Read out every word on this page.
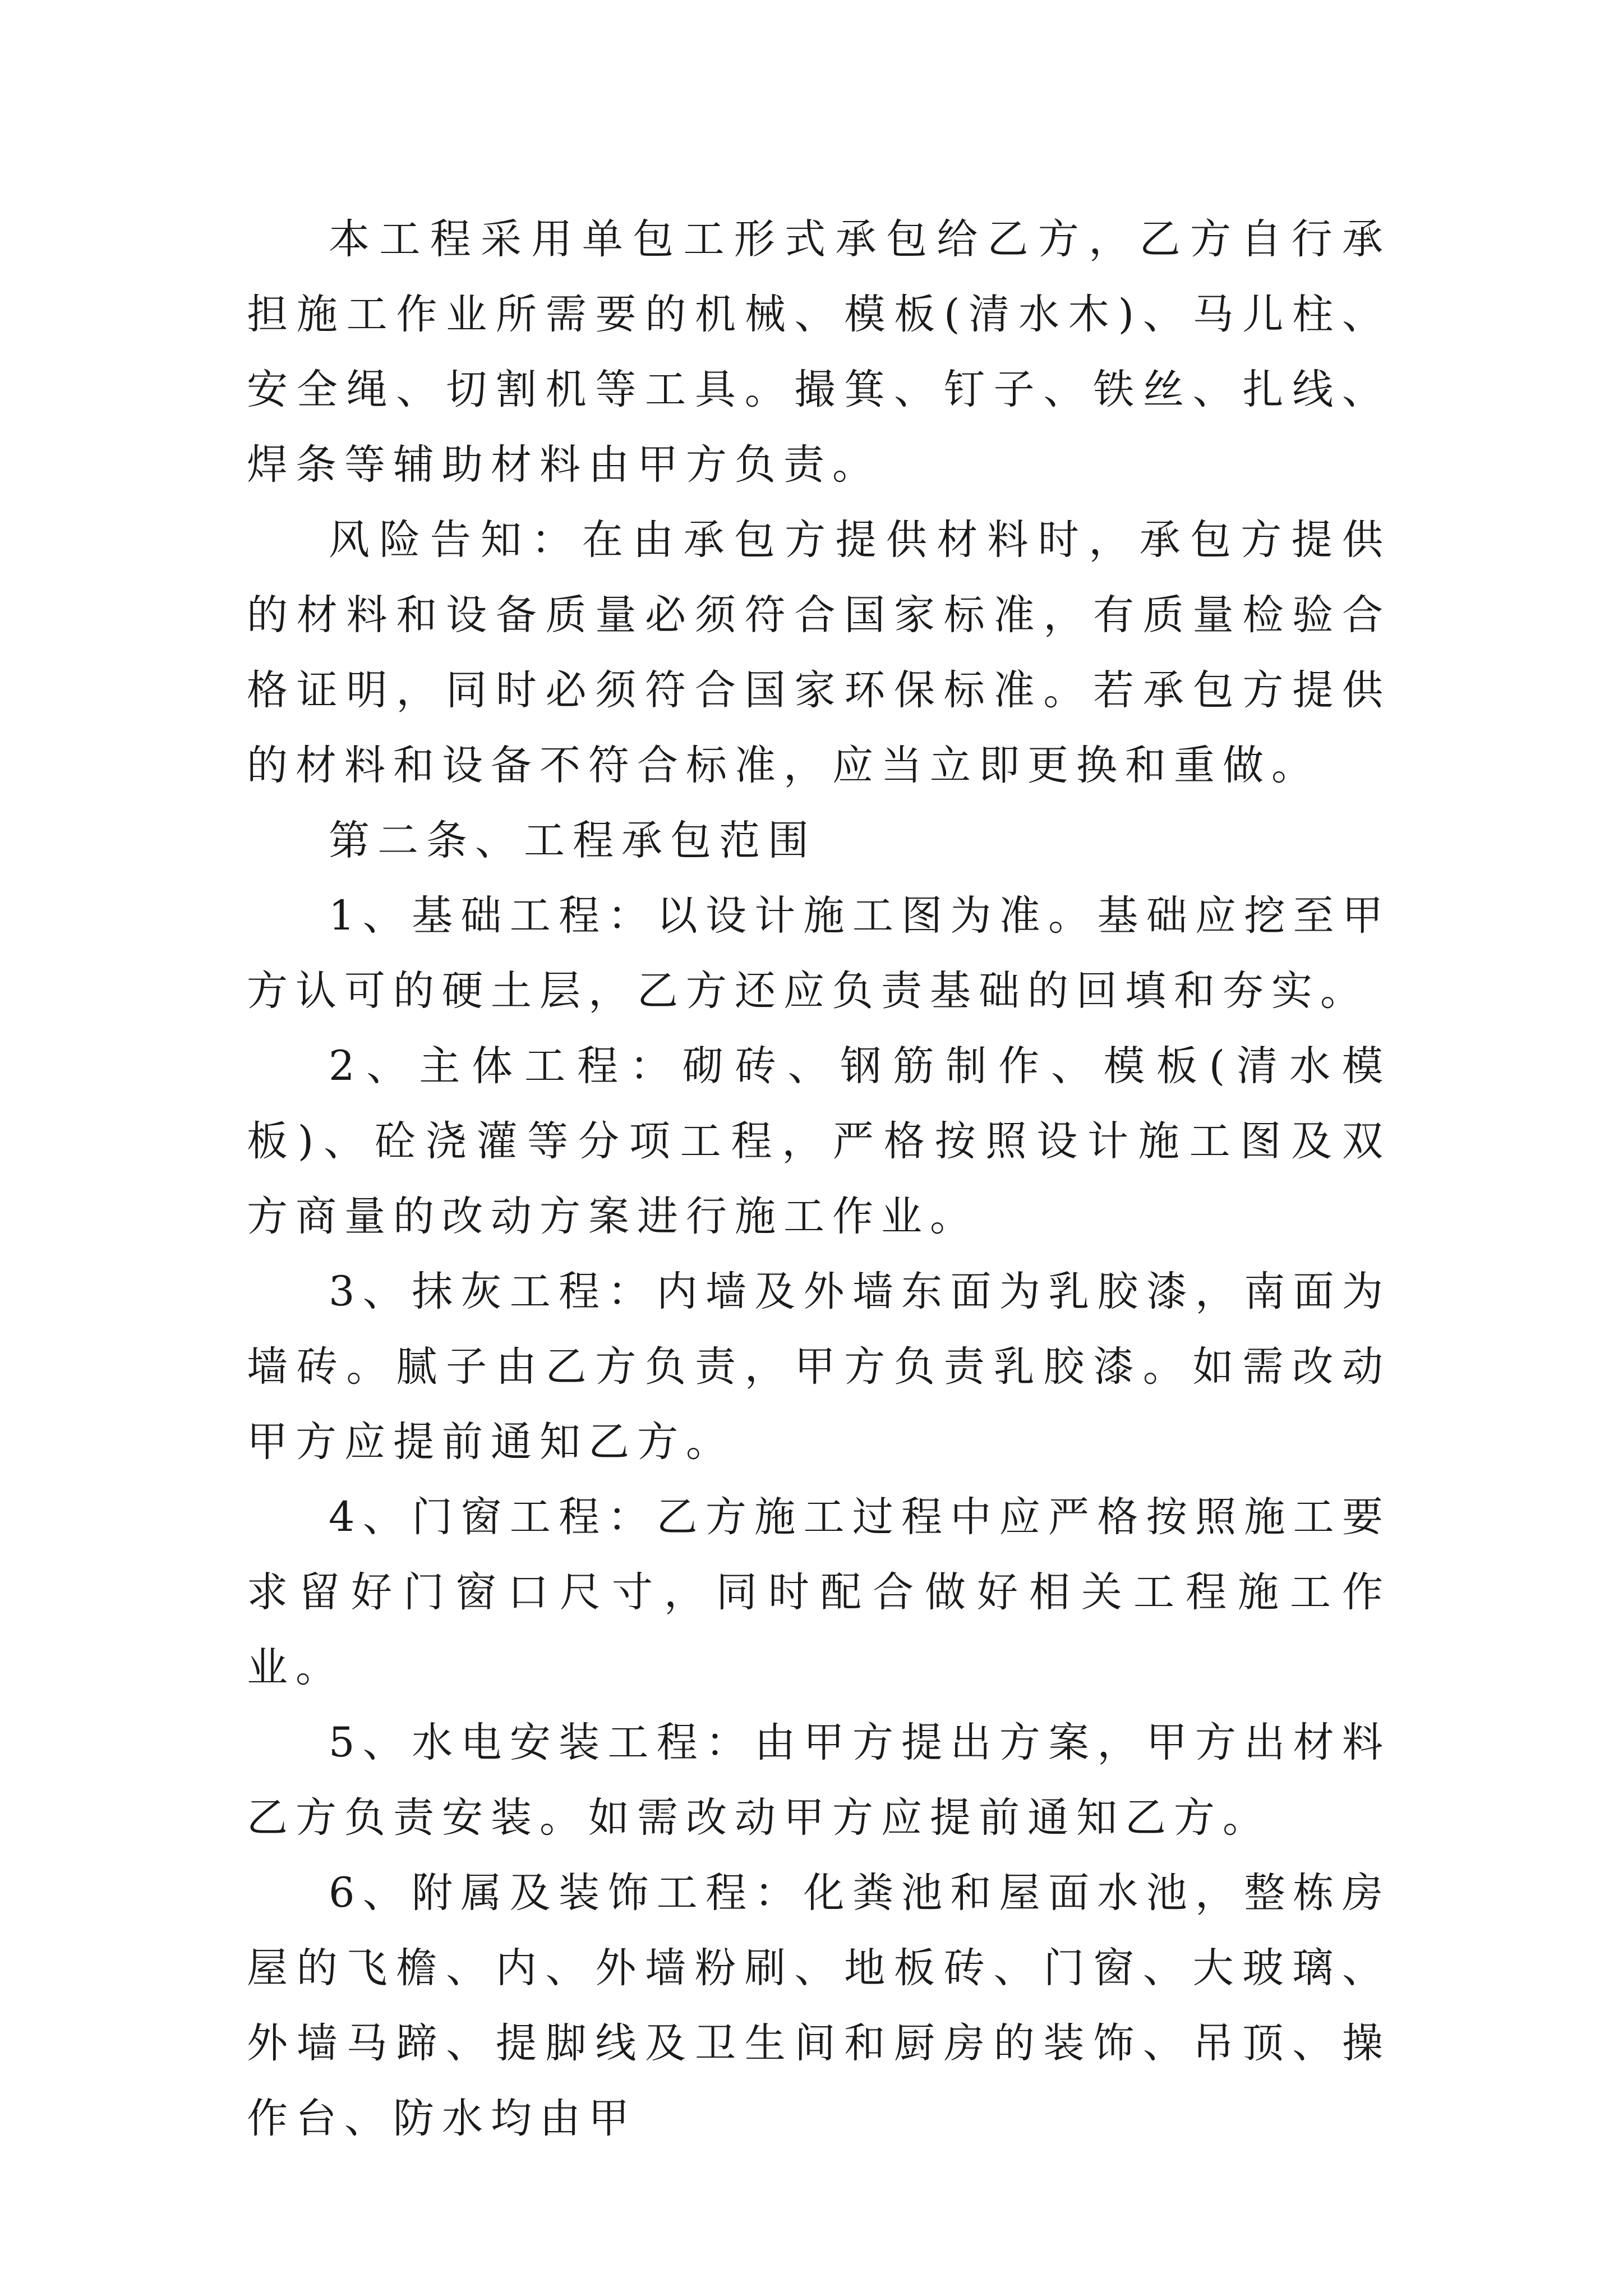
本工程采用单包工形式承包给乙方，乙方自行承担施工作业所需要的机械、模板(清水木)、马儿柱、安全绳、切割机等工具。撮箕、钉子、铁丝、扎线、焊条等辅助材料由甲方负责。

风险告知：在由承包方提供材料时，承包方提供的材料和设备质量必须符合国家标准，有质量检验合格证明，同时必须符合国家环保标准。若承包方提供的材料和设备不符合标准，应当立即更换和重做。

第二条、工程承包范围

1、基础工程：以设计施工图为准。基础应挖至甲方认可的硬土层，乙方还应负责基础的回填和夯实。

2、主体工程：砌砖、钢筋制作、模板(清水模板)、砼浇灌等分项工程，严格按照设计施工图及双方商量的改动方案进行施工作业。

3、抹灰工程：内墙及外墙东面为乳胶漆，南面为墙砖。腻子由乙方负责，甲方负责乳胶漆。如需改动甲方应提前通知乙方。

4、门窗工程：乙方施工过程中应严格按照施工要求留好门窗口尺寸，同时配合做好相关工程施工作业。

5、水电安装工程：由甲方提出方案，甲方出材料乙方负责安装。如需改动甲方应提前通知乙方。

6、附属及装饰工程：化粪池和屋面水池，整栋房屋的飞檐、内、外墙粉刷、地板砖、门窗、大玻璃、外墙马蹄、提脚线及卫生间和厨房的装饰、吊顶、操作台、防水均由甲
